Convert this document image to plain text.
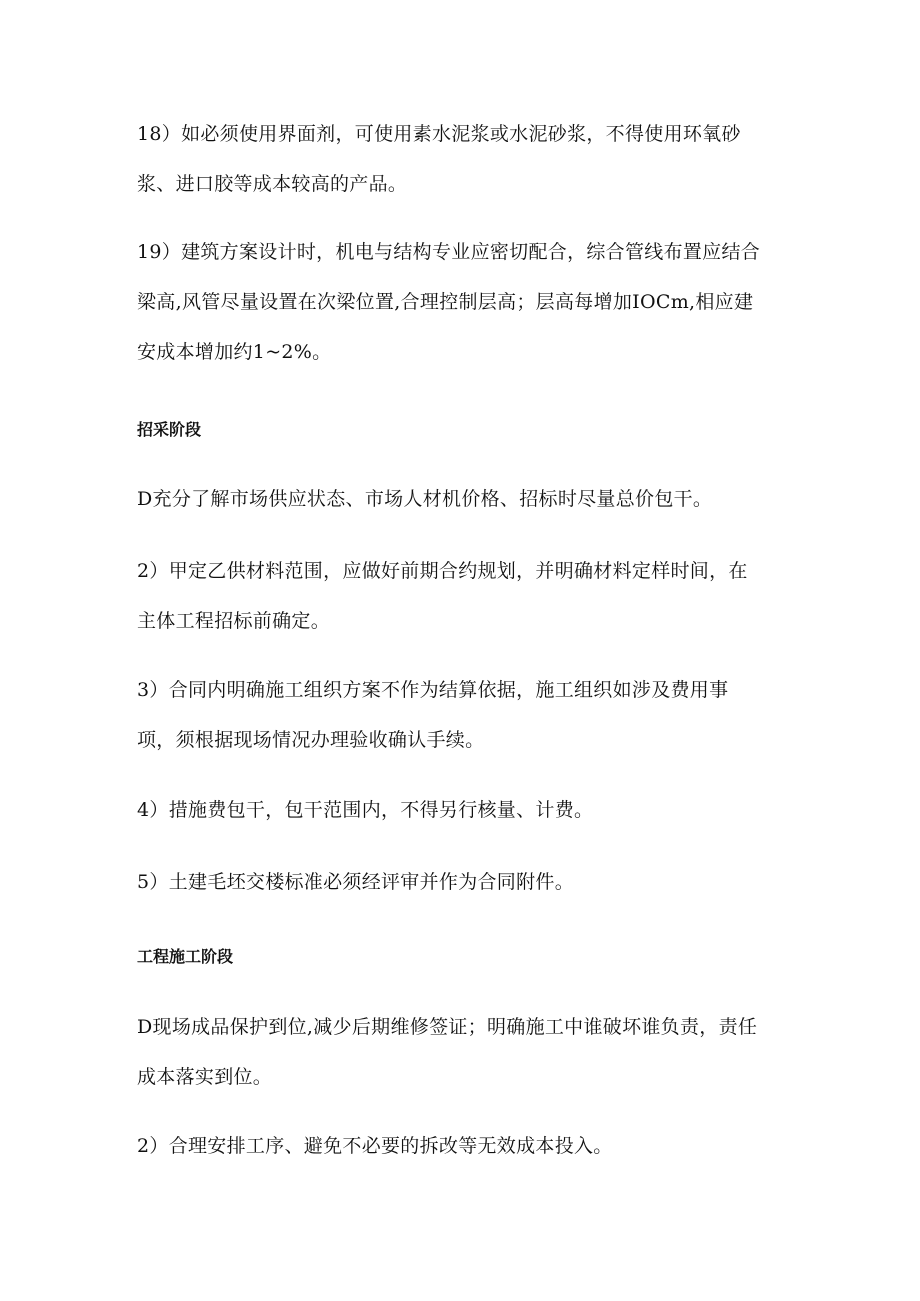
18）如必须使用界面剂，可使用素水泥浆或水泥砂浆，不得使用环氧砂
浆、进口胶等成本较高的产品。

19）建筑方案设计时，机电与结构专业应密切配合，综合管线布置应结合
梁高,风管尽量设置在次梁位置,合理控制层高；层高每增加IOCm,相应建
安成本增加约1~2%。

招采阶段

D充分了解市场供应状态、市场人材机价格、招标时尽量总价包干。

2）甲定乙供材料范围，应做好前期合约规划，并明确材料定样时间，在
主体工程招标前确定。

3）合同内明确施工组织方案不作为结算依据，施工组织如涉及费用事
项，须根据现场情况办理验收确认手续。

4）措施费包干，包干范围内，不得另行核量、计费。

5）土建毛坯交楼标准必须经评审并作为合同附件。

工程施工阶段

D现场成品保护到位,减少后期维修签证；明确施工中谁破坏谁负责，责任
成本落实到位。

2）合理安排工序、避免不必要的拆改等无效成本投入。
